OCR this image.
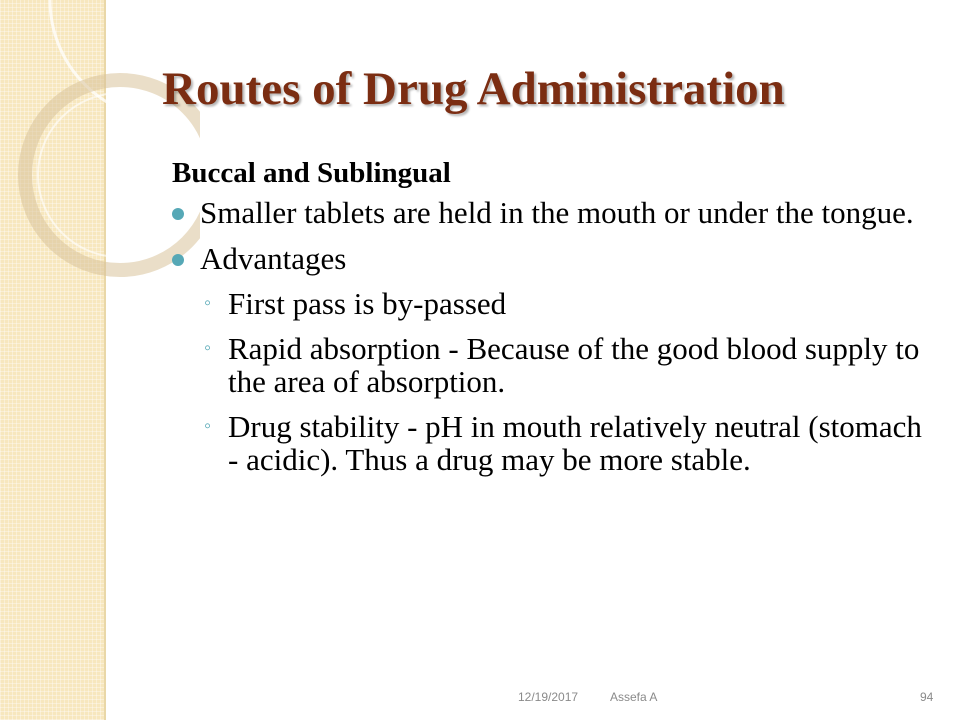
Routes of Drug Administration
Buccal and Sublingual
Smaller tablets are held in the mouth or under the tongue.
Advantages
◦ First pass is by-passed
◦ Rapid absorption - Because of the good blood supply to the area of absorption.
◦ Drug stability - pH in mouth relatively neutral (stomach - acidic). Thus a drug may be more stable.
12/19/2017	Assefa A	94
